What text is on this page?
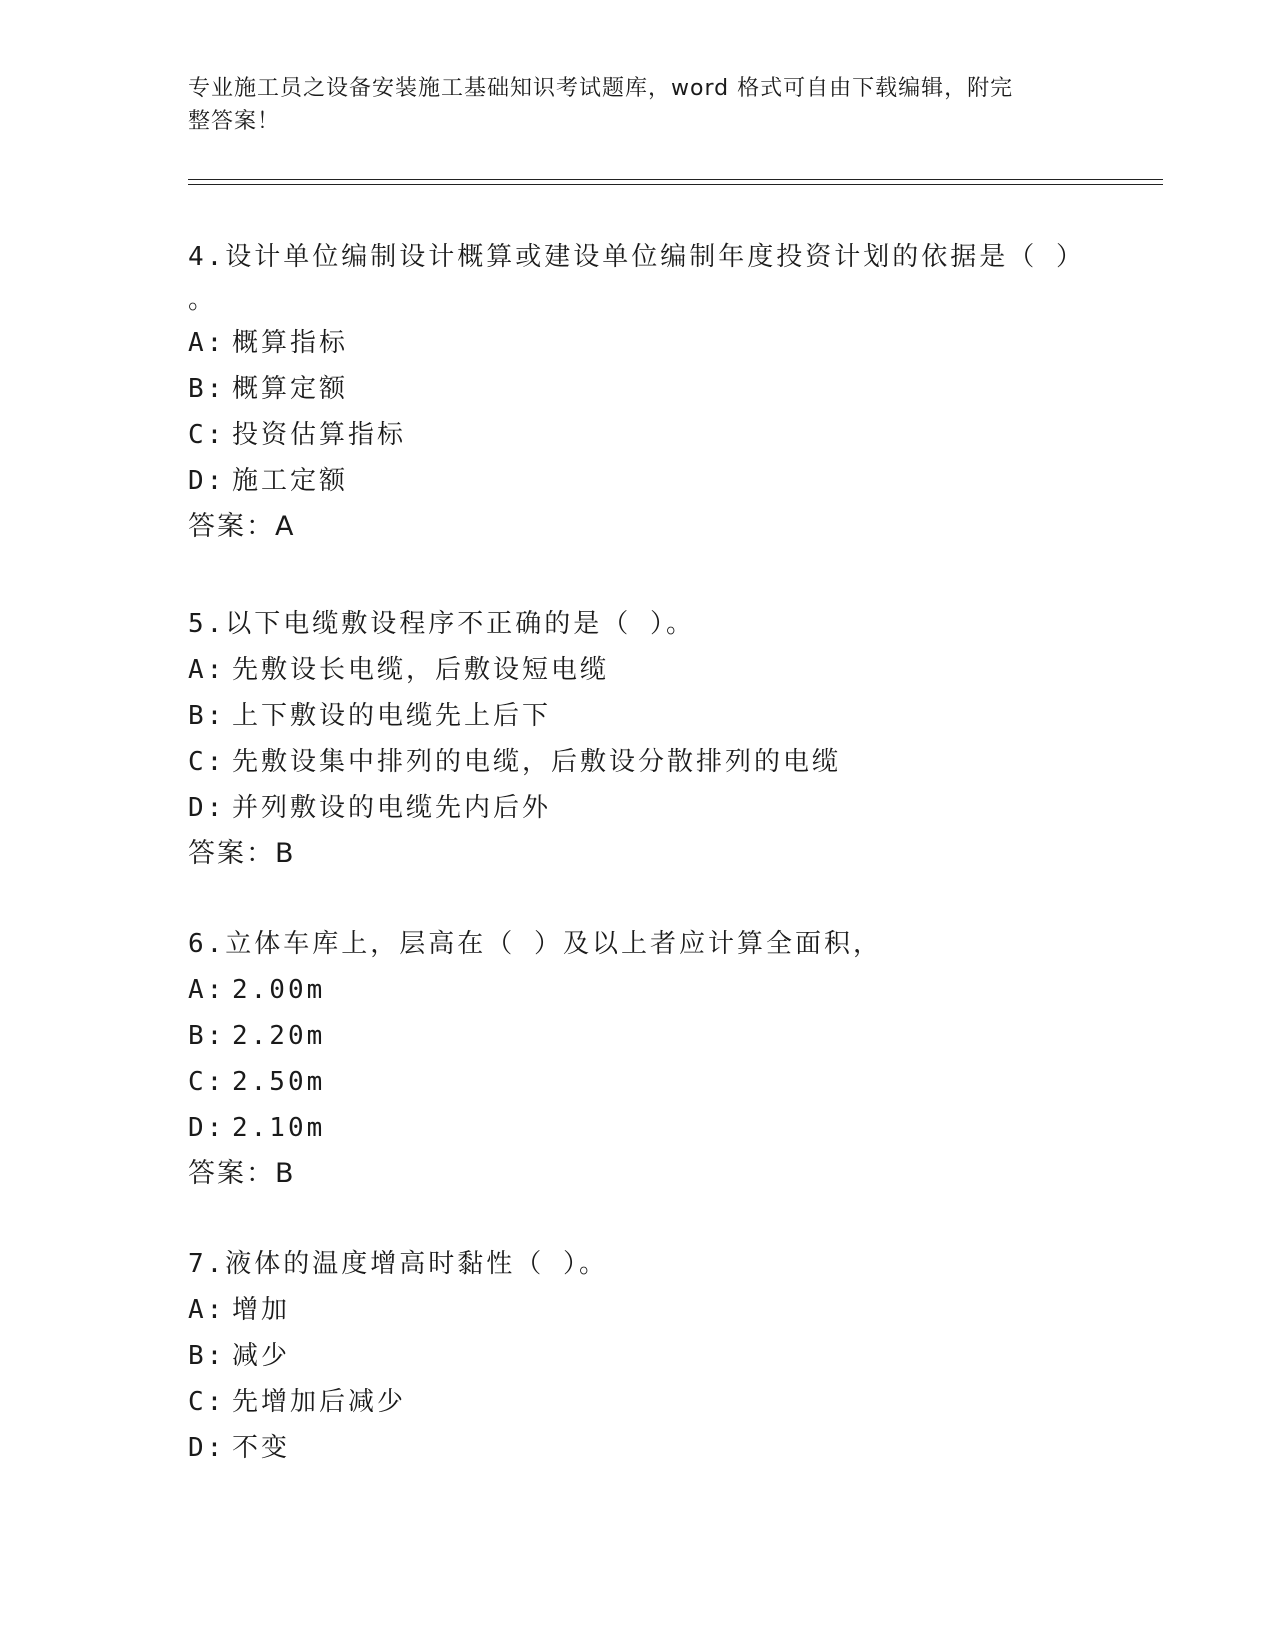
专业施工员之设备安装施工基础知识考试题库，word 格式可自由下载编辑，附完
整答案！

4.设计单位编制设计概算或建设单位编制年度投资计划的依据是（ ）

。

A: 概算指标
B: 概算定额
C: 投资估算指标
D: 施工定额
答案：A

5.以下电缆敷设程序不正确的是（ ）。

A: 先敷设长电缆，后敷设短电缆
B: 上下敷设的电缆先上后下
C: 先敷设集中排列的电缆，后敷设分散排列的电缆
D: 并列敷设的电缆先内后外
答案：B

6.立体车库上，层高在（ ）及以上者应计算全面积，

A: 2.00m
B: 2.20m
C: 2.50m
D: 2.10m
答案：B

7.液体的温度增高时黏性（ ）。

A: 增加
B: 减少
C: 先增加后减少
D: 不变
